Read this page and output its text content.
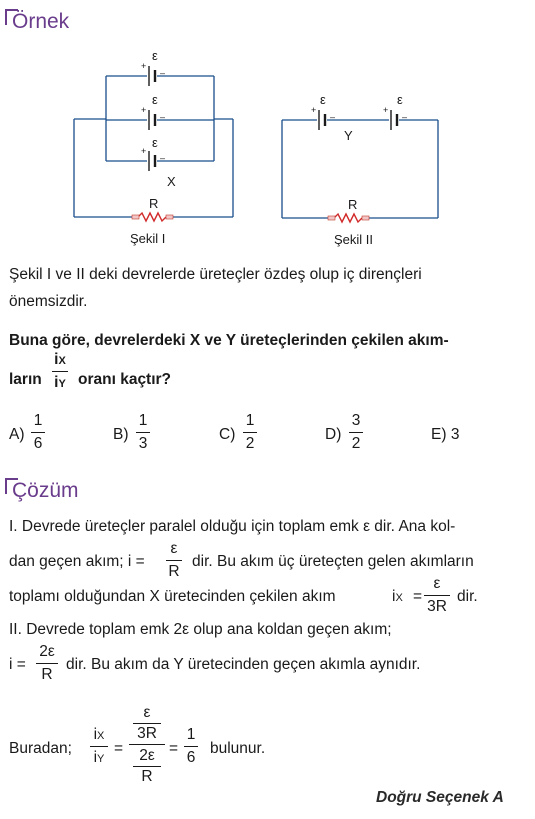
Örnek
+
–
+
–
+
–
ε
ε
ε
X
R
Şekil I
+
–
+
–
ε	ε
Y
R
Şekil II
Şekil I ve II deki devrelerde üreteçler özdeş olup iç dirençleri
önemsizdir.
Buna göre, devrelerdeki X ve Y üreteçlerinden çekilen akım-
ların
iX
iY oranı kaçtır?
A)
1
6	B)
1
3	C)
1
2	D)
3
2	E) 3
Çözüm
I. Devrede üreteçler paralel olduğu için toplam emk ε dir. Ana kol-
dan geçen akım; i =
ε
R
dir. Bu akım üç üreteçten gelen akımların
toplamı olduğundan X üretecinden çekilen akım	iX =
ε
3R
dir.
II. Devrede toplam emk 2ε olup ana koldan geçen akım;
i =
2ε
R
dir. Bu akım da Y üretecinden geçen akımla aynıdır.
Buradan;
iX
iY
=
ε
3R
2ε
R
=
1
6 bulunur.
Doğru Seçenek A
